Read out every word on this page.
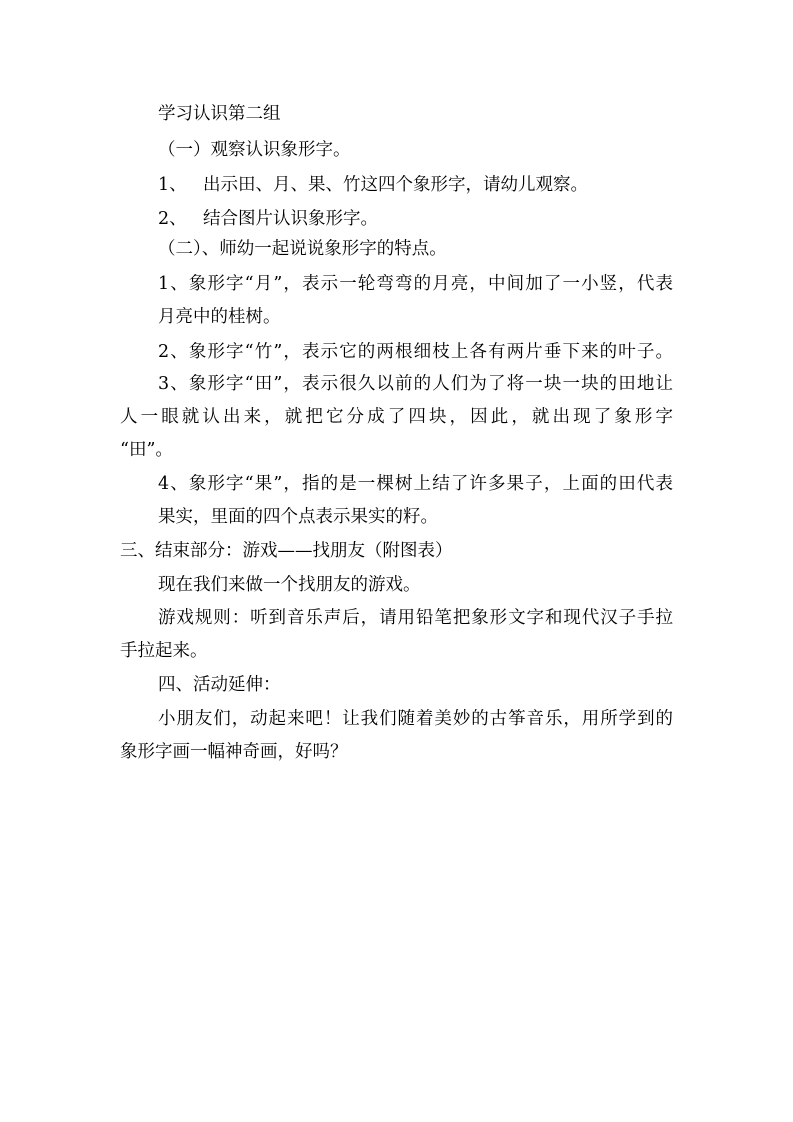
学习认识第二组
（一）观察认识象形字。
1、 出示田、月、果、竹这四个象形字，请幼儿观察。
2、 结合图片认识象形字。
（二）、师幼一起说说象形字的特点。
1、象形字“月”，表示一轮弯弯的月亮，中间加了一小竖，代表
月亮中的桂树。
2、象形字“竹”，表示它的两根细枝上各有两片垂下来的叶子。
3、象形字“田”，表示很久以前的人们为了将一块一块的田地让
人一眼就认出来，就把它分成了四块，因此，就出现了象形字
“田”。
4、象形字“果”，指的是一棵树上结了许多果子，上面的田代表
果实，里面的四个点表示果实的籽。
三、结束部分：游戏——找朋友（附图表）
现在我们来做一个找朋友的游戏。
游戏规则：听到音乐声后，请用铅笔把象形文字和现代汉子手拉
手拉起来。
四、活动延伸：
小朋友们，动起来吧！让我们随着美妙的古筝音乐，用所学到的
象形字画一幅神奇画，好吗？
